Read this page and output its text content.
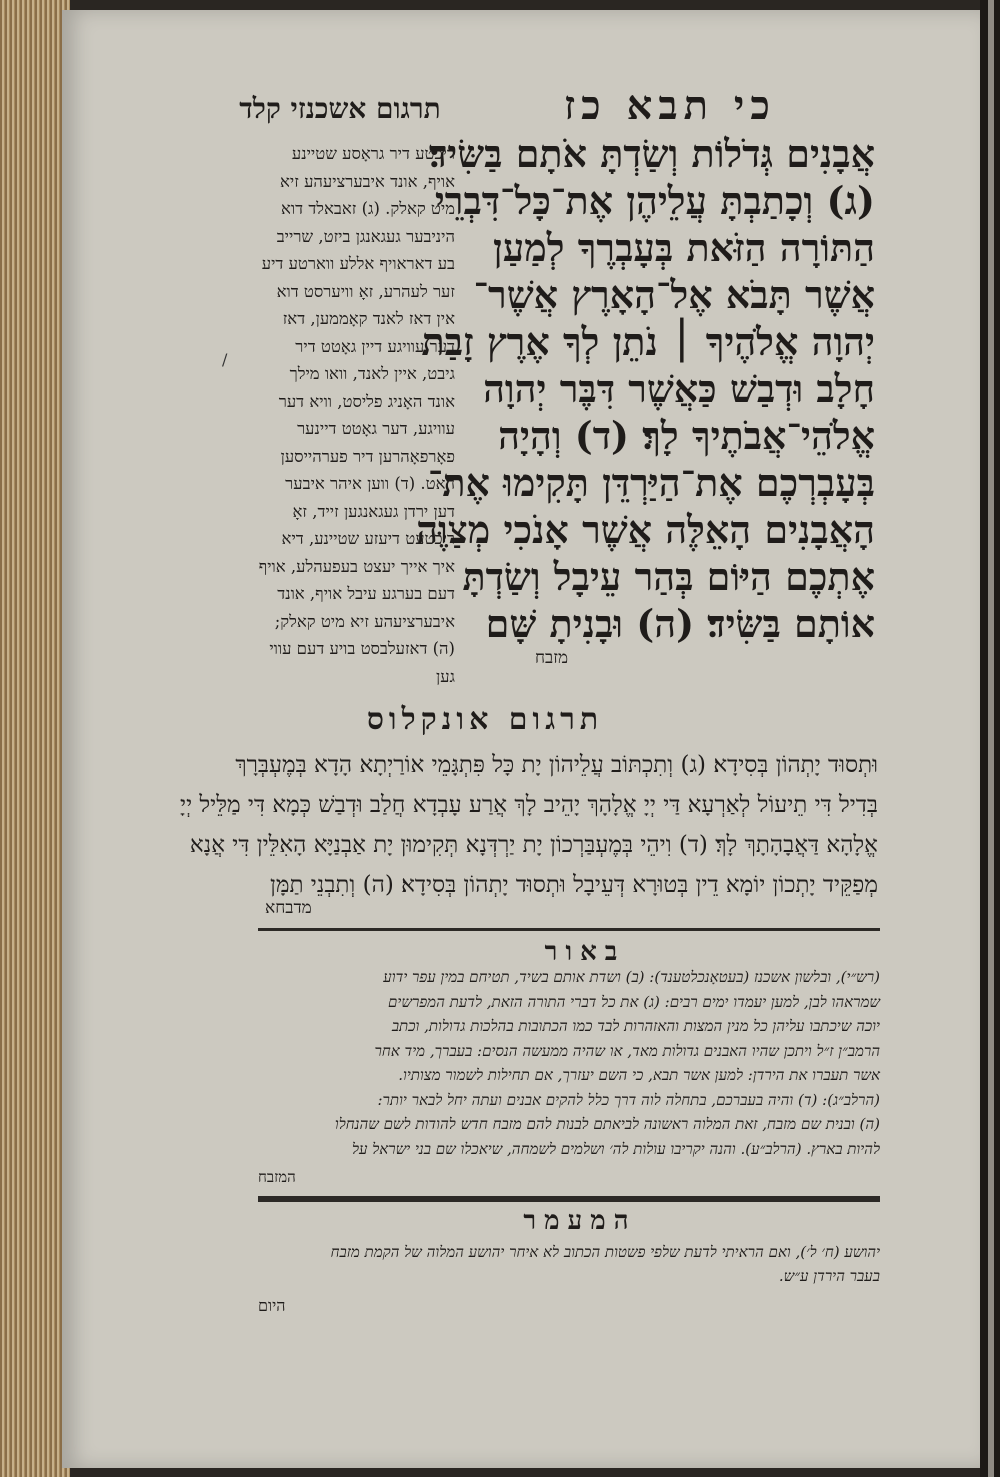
כי תבא כז
תרגום אשכנזי קלד
אֲבָנִים גְּדֹלוֹת וְשַׂדְתָּ אֹתָם בַּשִּׂיד׃
(ג) וְכָתַבְתָּ עֲלֵיהֶן אֶת־כָּל־דִּבְרֵי
הַתּוֹרָה הַזֹּאת בְּעָבְרֶךָ לְמַעַן
אֲשֶׁר תָּבֹא אֶל־הָאָרֶץ אֲשֶׁר־
יְהוָה אֱלֹהֶיךָ ׀ נֹתֵן לְךָ אֶרֶץ זָבַת
חָלָב וּדְבַשׁ כַּאֲשֶׁר דִּבֶּר יְהוָה
אֱלֹהֵי־אֲבֹתֶיךָ לָךְ׃ (ד) וְהָיָה
בְּעָבְרְכֶם אֶת־הַיַּרְדֵּן תָּקִימוּ אֶת־
הָאֲבָנִים הָאֵלֶּה אֲשֶׁר אָנֹכִי מְצַוֶּה
אֶתְכֶם הַיּוֹם בְּהַר עֵיבָל וְשַׂדְתָּ
אוֹתָם בַּשִּׂיד׃ (ה) וּבָנִיתָ שָּׁם
מזבח
/
ריכטע דיר גראָסע שטיינע
אויף, אונד איבערציעהע זיא
מיט קאלק. (ג) זאבאלד דוא
היניבער געגאנגן ביזט, שרייב
בע דאראויף אללע ווארטע דיע
זער לעהרע, זאָ וויערסט דוא
אין דאז לאנד קאָממען, דאז
דער עוויגע דיין גאָטט דיר
גיבט, איין לאנד, וואו מילך
אונד האָניג פליסט, וויא דער
עוויגע, דער גאָטט דיינער
פאָרפאָהרען דיר פערהייסען
האט. (ד) ווען איהר איבער
דען ירדן געגאנגען זייד, זאָ
ריכטעט דיעזע שטיינע, דיא
איך אייך יעצט בעפעהלע, אויף
דעם בערגע עיבל אויף, אונד
איבערציעהע זיא מיט קאלק;
(ה) דאזעלבסט בויע דעם עווי
גען
תרגום אונקלוס
וּתְסוּד יָתְהוֹן בְּסִידָא׃ (ג) וְתִכְתּוֹב עֲלֵיהוֹן יָת כָּל פִּתְגָּמֵי אוֹרַיְתָא הָדָא בְּמֶעְבְּרָךְ
בְּדִיל דִּי תֵיעוֹל לְאַרְעָא דַּי יְיָ אֱלָהָךְ יָהֵיב לָךְ אֲרַע עָבְדָא חֲלַב וּדְבַשׁ כְּמָא דִּי מַלֵּיל יְיָ
אֱלָהָא דַּאֲבָהָתָךְ לָךְ׃ (ד) וִיהֵי בְּמֶעְבַּרְכוֹן יָת יַרְדְּנָא תְּקִימוּן יָת אַבְנַיָּא הָאִלֵּין דִּי אֲנָא
מְפַקֵּיד יָתְכוֹן יוֹמָא דֵין בְּטוּרָא דְּעֵיבָל וּתְסוּד יָתְהוֹן בְּסִידָא׃ (ה) וְתִבְנֵי תַמָּן
מדבחא
באור
(רש״י), ובלשון אשכנז (בעטאָנכלטענד): (ב) ושדת אותם בשיד, תטיחם במין עפר ידוע
שמראהו לבן, למען יעמדו ימים רבים: (ג) את כל דברי התורה הזאת, לדעת המפרשים
יוכה שיכתבו עליהן כל מנין המצות והאזהרות לבד כמו הכתובות בהלכות גדולות, וכתב
הרמב״ן ז״ל ויתכן שהיו האבנים גדולות מאד, או שהיה ממעשה הנסים: בעברך, מיד אחר
אשר תעברו את הירדן: למען אשר תבא, כי השם יעזרך, אם תחילות לשמור מצותיו.
(הרלב״ג): (ד) והיה בעברכם, בתחלה לוה דרך כלל להקים אבנים ועתה יחל לבאר יותר:
(ה) ובנית שם מזבח, זאת המלוה ראשונה לביאתם לבנות להם מזבח חדש להודות לשם שהנחלו
להיות בארץ. (הרלב״ע). והנה יקריבו עולות לה׳ ושלמים לשמחה, שיאכלו שם בני ישראל על
המזבח
המעמר
יהושע (ח׳ ל׳), ואם הראיתי לדעת שלפי פשטות הכתוב לא איחר יהושע המלוה של הקמת מזבח
בעבר הירדן ע״ש.
היום
